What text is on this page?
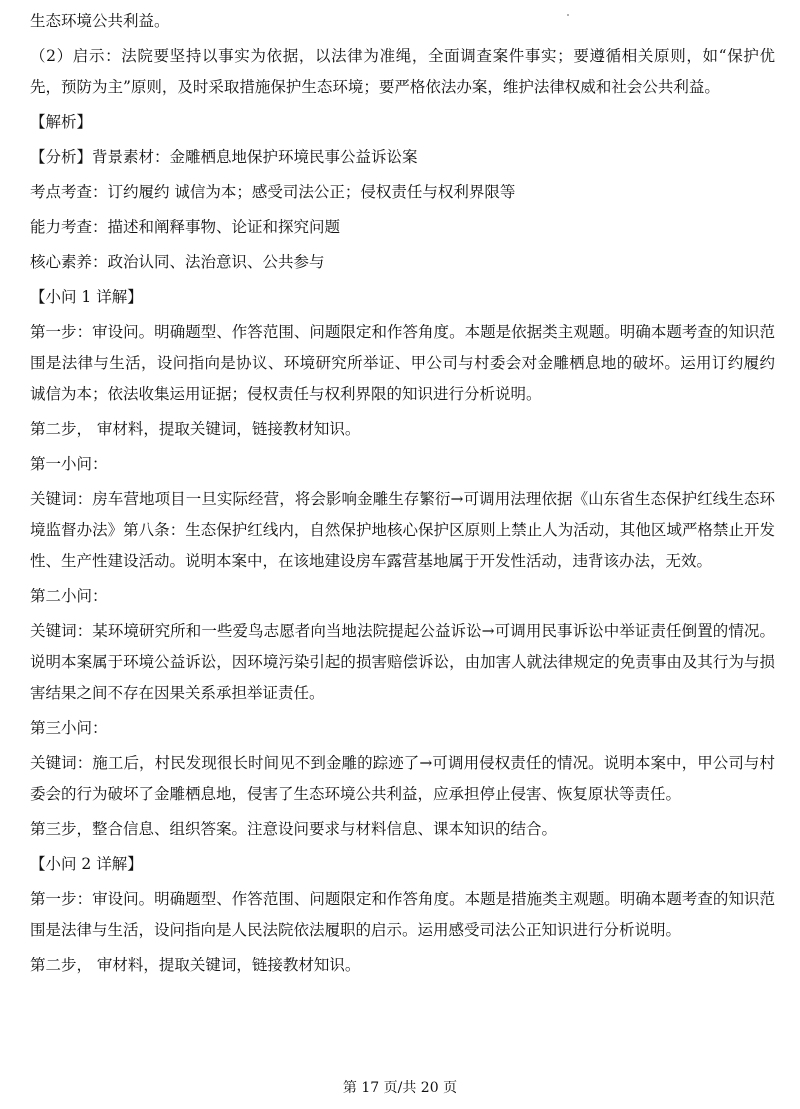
生态环境公共利益。

（2）启示：法院要坚持以事实为依据，以法律为准绳，全面调查案件事实；要遵循相关原则，如“保护优先，预防为主”原则，及时采取措施保护生态环境；要严格依法办案，维护法律权威和社会公共利益。

【解析】

【分析】背景素材：金雕栖息地保护环境民事公益诉讼案

考点考查：订约履约 诚信为本；感受司法公正；侵权责任与权利界限等

能力考查：描述和阐释事物、论证和探究问题

核心素养：政治认同、法治意识、公共参与

【小问 1 详解】

第一步：审设问。明确题型、作答范围、问题限定和作答角度。本题是依据类主观题。明确本题考查的知识范围是法律与生活，设问指向是协议、环境研究所举证、甲公司与村委会对金雕栖息地的破坏。运用订约履约 诚信为本；依法收集运用证据；侵权责任与权利界限的知识进行分析说明。

第二步， 审材料，提取关键词，链接教材知识。

第一小问：

关键词：房车营地项目一旦实际经营，将会影响金雕生存繁衍→可调用法理依据《山东省生态保护红线生态环境监督办法》第八条：生态保护红线内，自然保护地核心保护区原则上禁止人为活动，其他区域严格禁止开发性、生产性建设活动。说明本案中，在该地建设房车露营基地属于开发性活动，违背该办法，无效。

第二小问：

关键词：某环境研究所和一些爱鸟志愿者向当地法院提起公益诉讼→可调用民事诉讼中举证责任倒置的情况。说明本案属于环境公益诉讼，因环境污染引起的损害赔偿诉讼，由加害人就法律规定的免责事由及其行为与损害结果之间不存在因果关系承担举证责任。

第三小问：

关键词：施工后，村民发现很长时间见不到金雕的踪迹了→可调用侵权责任的情况。说明本案中，甲公司与村委会的行为破坏了金雕栖息地，侵害了生态环境公共利益，应承担停止侵害、恢复原状等责任。

第三步，整合信息、组织答案。注意设问要求与材料信息、课本知识的结合。

【小问 2 详解】

第一步：审设问。明确题型、作答范围、问题限定和作答角度。本题是措施类主观题。明确本题考查的知识范围是法律与生活，设问指向是人民法院依法履职的启示。运用感受司法公正知识进行分析说明。

第二步， 审材料，提取关键词，链接教材知识。

第 17 页/共 20 页
